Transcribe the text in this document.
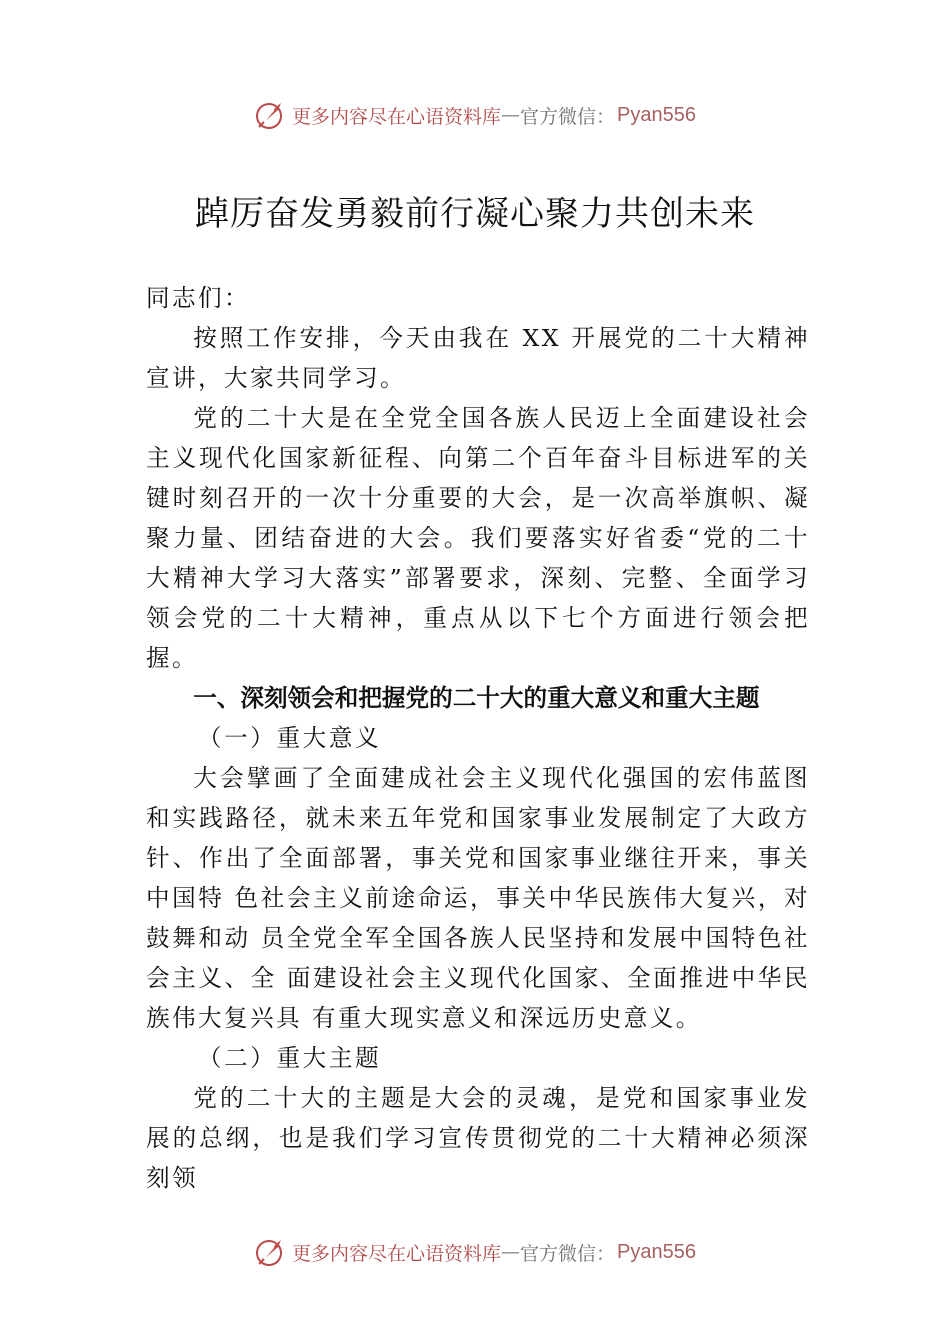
更多内容尽在心语资料库 — 官方微信： Pyan556
踔厉奋发勇毅前行凝心聚力共创未来

同志们：

按照工作安排，今天由我在 XX 开展党的二十大精神宣讲，大家共同学习。

党的二十大是在全党全国各族人民迈上全面建设社会主义现代化国家新征程、向第二个百年奋斗目标进军的关键时刻召开的一次十分重要的大会，是一次高举旗帜、凝聚力量、团结奋进的大会。我们要落实好省委“党的二十大精神大学习大落实”部署要求，深刻、完整、全面学习领会党的二十大精神，重点从以下七个方面进行领会把握。

一、深刻领会和把握党的二十大的重大意义和重大主题

（一）重大意义

大会擘画了全面建成社会主义现代化强国的宏伟蓝图和实践路径，就未来五年党和国家事业发展制定了大政方针、作出了全面部署，事关党和国家事业继往开来，事关中国特 色社会主义前途命运，事关中华民族伟大复兴，对鼓舞和动 员全党全军全国各族人民坚持和发展中国特色社会主义、全 面建设社会主义现代化国家、全面推进中华民族伟大复兴具 有重大现实意义和深远历史意义。

（二）重大主题

党的二十大的主题是大会的灵魂，是党和国家事业发展的总纲，也是我们学习宣传贯彻党的二十大精神必须深刻领

更多内容尽在心语资料库 — 官方微信： Pyan556
